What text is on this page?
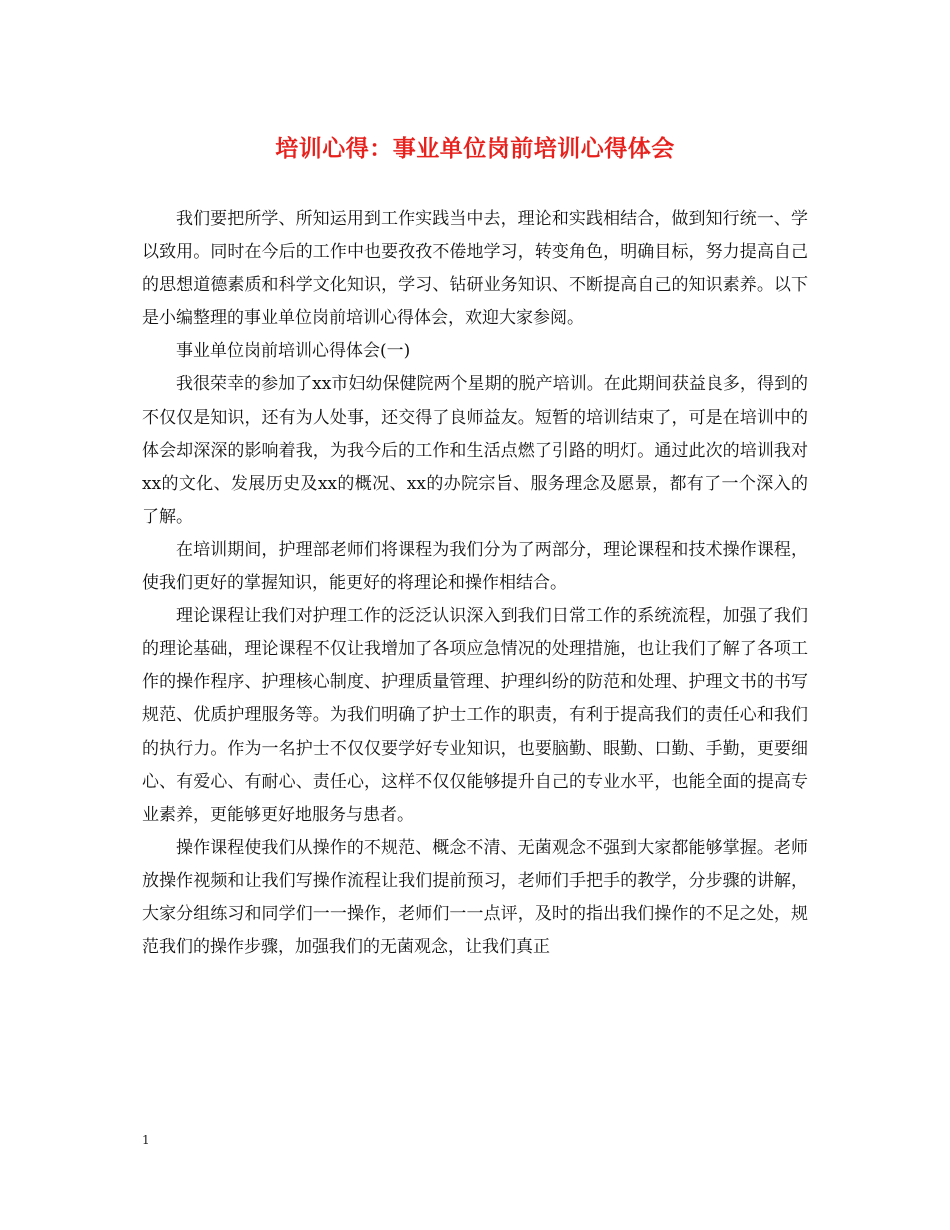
培训心得：事业单位岗前培训心得体会

我们要把所学、所知运用到工作实践当中去，理论和实践相结合，做到知行统一、学以致用。同时在今后的工作中也要孜孜不倦地学习，转变角色，明确目标，努力提高自己的思想道德素质和科学文化知识，学习、钻研业务知识、不断提高自己的知识素养。以下是小编整理的事业单位岗前培训心得体会，欢迎大家参阅。

事业单位岗前培训心得体会(一)

我很荣幸的参加了xx市妇幼保健院两个星期的脱产培训。在此期间获益良多，得到的不仅仅是知识，还有为人处事，还交得了良师益友。短暂的培训结束了，可是在培训中的体会却深深的影响着我，为我今后的工作和生活点燃了引路的明灯。通过此次的培训我对xx的文化、发展历史及xx的概况、xx的办院宗旨、服务理念及愿景，都有了一个深入的了解。

在培训期间，护理部老师们将课程为我们分为了两部分，理论课程和技术操作课程，使我们更好的掌握知识，能更好的将理论和操作相结合。

理论课程让我们对护理工作的泛泛认识深入到我们日常工作的系统流程，加强了我们的理论基础，理论课程不仅让我增加了各项应急情况的处理措施，也让我们了解了各项工作的操作程序、护理核心制度、护理质量管理、护理纠纷的防范和处理、护理文书的书写规范、优质护理服务等。为我们明确了护士工作的职责，有利于提高我们的责任心和我们的执行力。作为一名护士不仅仅要学好专业知识，也要脑勤、眼勤、口勤、手勤，更要细心、有爱心、有耐心、责任心，这样不仅仅能够提升自己的专业水平，也能全面的提高专业素养，更能够更好地服务与患者。

操作课程使我们从操作的不规范、概念不清、无菌观念不强到大家都能够掌握。老师放操作视频和让我们写操作流程让我们提前预习，老师们手把手的教学，分步骤的讲解，大家分组练习和同学们一一操作，老师们一一点评，及时的指出我们操作的不足之处，规范我们的操作步骤，加强我们的无菌观念，让我们真正

1
